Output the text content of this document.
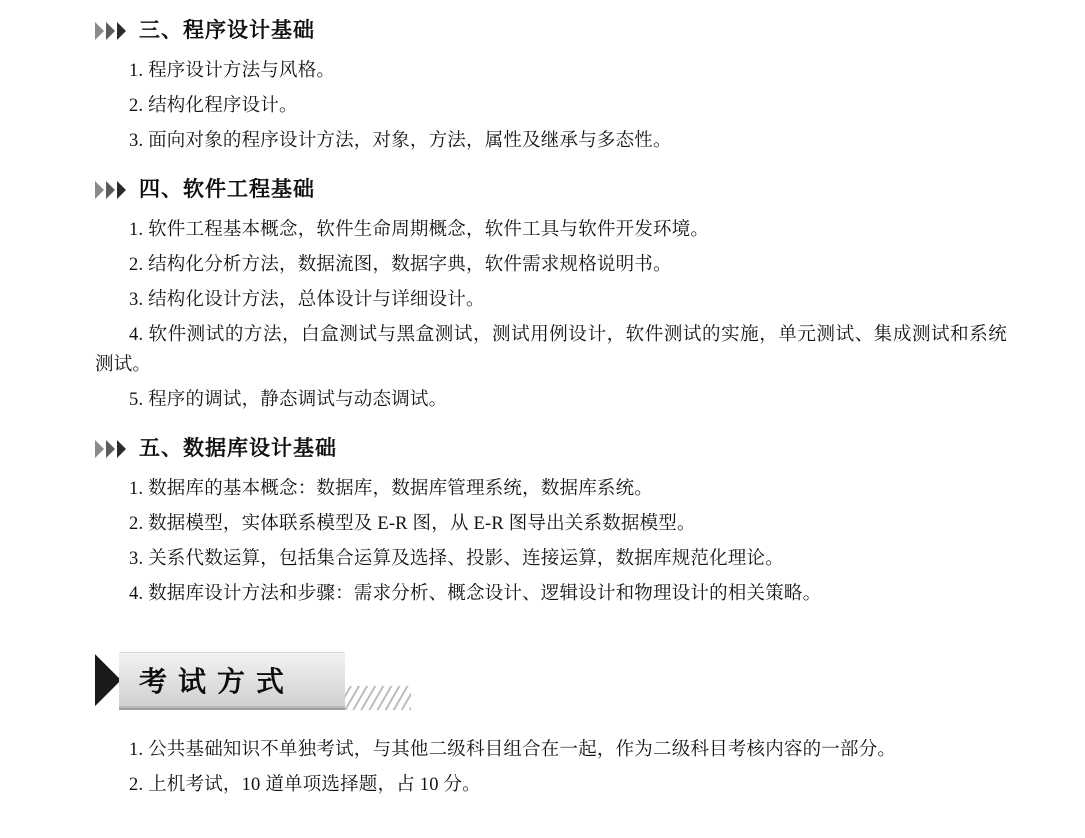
三、程序设计基础

1. 程序设计方法与风格。

2. 结构化程序设计。

3. 面向对象的程序设计方法，对象，方法，属性及继承与多态性。

四、软件工程基础

1. 软件工程基本概念，软件生命周期概念，软件工具与软件开发环境。

2. 结构化分析方法，数据流图，数据字典，软件需求规格说明书。

3. 结构化设计方法，总体设计与详细设计。

4. 软件测试的方法，白盒测试与黑盒测试，测试用例设计，软件测试的实施，单元测试、集成测试和系统测试。

5. 程序的调试，静态调试与动态调试。

五、数据库设计基础

1. 数据库的基本概念：数据库，数据库管理系统，数据库系统。

2. 数据模型，实体联系模型及 E-R 图，从 E-R 图导出关系数据模型。

3. 关系代数运算，包括集合运算及选择、投影、连接运算，数据库规范化理论。

4. 数据库设计方法和步骤：需求分析、概念设计、逻辑设计和物理设计的相关策略。

考试方式

1. 公共基础知识不单独考试，与其他二级科目组合在一起，作为二级科目考核内容的一部分。

2. 上机考试，10 道单项选择题，占 10 分。
